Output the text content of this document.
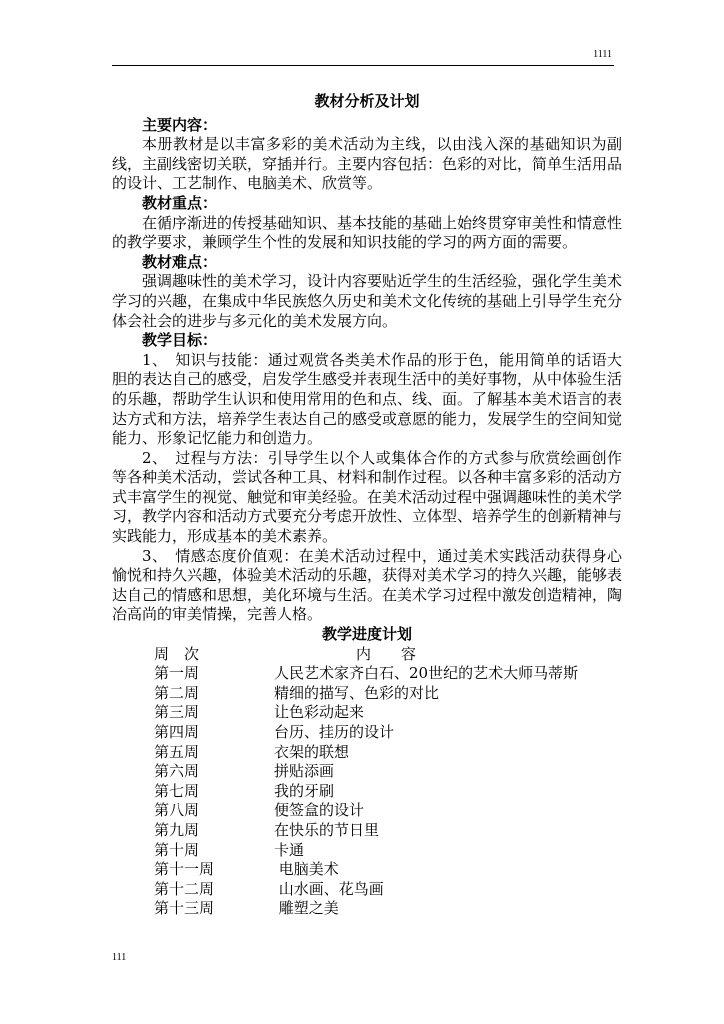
1111

教材分析及计划

主要内容：

本册教材是以丰富多彩的美术活动为主线，以由浅入深的基础知识为副线，主副线密切关联，穿插并行。主要内容包括：色彩的对比，简单生活用品的设计、工艺制作、电脑美术、欣赏等。

教材重点：

在循序渐进的传授基础知识、基本技能的基础上始终贯穿审美性和情意性的教学要求，兼顾学生个性的发展和知识技能的学习的两方面的需要。

教材难点：

强调趣味性的美术学习，设计内容要贴近学生的生活经验，强化学生美术学习的兴趣，在集成中华民族悠久历史和美术文化传统的基础上引导学生充分体会社会的进步与多元化的美术发展方向。

教学目标：

1、　知识与技能：通过观赏各类美术作品的形于色，能用简单的话语大胆的表达自己的感受，启发学生感受并表现生活中的美好事物，从中体验生活的乐趣，帮助学生认识和使用常用的色和点、线、面。了解基本美术语言的表达方式和方法，培养学生表达自己的感受或意愿的能力，发展学生的空间知觉能力、形象记忆能力和创造力。

2、　过程与方法：引导学生以个人或集体合作的方式参与欣赏绘画创作等各种美术活动，尝试各种工具、材料和制作过程。以各种丰富多彩的活动方式丰富学生的视觉、触觉和审美经验。在美术活动过程中强调趣味性的美术学习，教学内容和活动方式要充分考虑开放性、立体型、培养学生的创新精神与实践能力，形成基本的美术素养。

3、　情感态度价值观：在美术活动过程中，通过美术实践活动获得身心愉悦和持久兴趣，体验美术活动的乐趣，获得对美术学习的持久兴趣，能够表达自己的情感和思想，美化环境与生活。在美术学习过程中激发创造精神，陶冶高尚的审美情操，完善人格。

教学进度计划

周　次	内　　容
第一周	人民艺术家齐白石、20世纪的艺术大师马蒂斯
第二周	精细的描写、色彩的对比
第三周	让色彩动起来
第四周	台历、挂历的设计
第五周	衣架的联想
第六周	拼贴添画
第七周	我的牙刷
第八周	便签盒的设计
第九周	在快乐的节日里
第十周	卡通
第十一周	电脑美术
第十二周	山水画、花鸟画
第十三周	雕塑之美
111
